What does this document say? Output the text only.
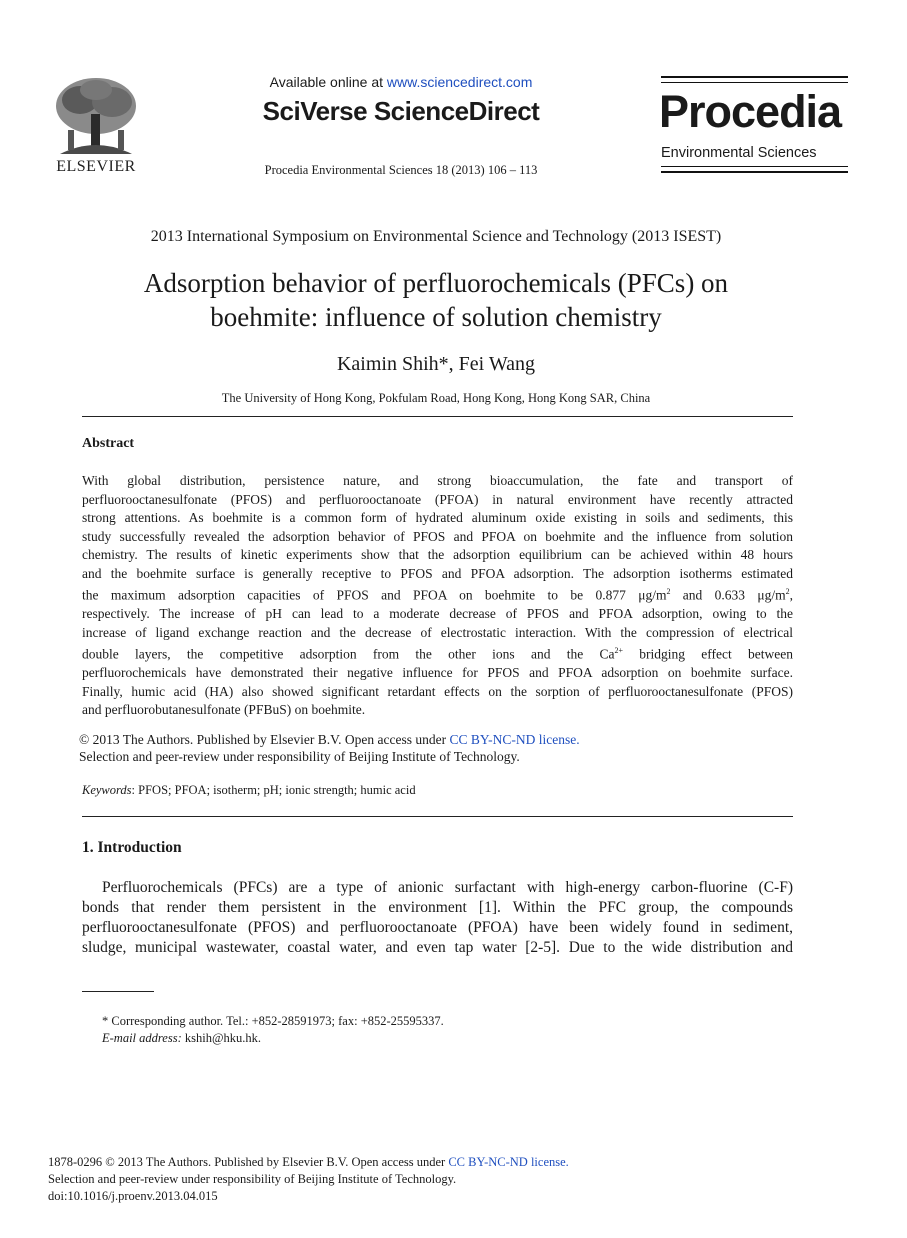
ELSEVIER
Available online at www.sciencedirect.com
SciVerse ScienceDirect
Procedia Environmental Sciences 18 (2013) 106 – 113
Procedia
Environmental Sciences
2013 International Symposium on Environmental Science and Technology (2013 ISEST)
Adsorption behavior of perfluorochemicals (PFCs) on
boehmite: influence of solution chemistry
Kaimin Shih*, Fei Wang
The University of Hong Kong, Pokfulam Road, Hong Kong, Hong Kong SAR, China
Abstract
With global distribution, persistence nature, and strong bioaccumulation, the fate and transport of
perfluorooctanesulfonate (PFOS) and perfluorooctanoate (PFOA) in natural environment have recently attracted
strong attentions. As boehmite is a common form of hydrated aluminum oxide existing in soils and sediments, this
study successfully revealed the adsorption behavior of PFOS and PFOA on boehmite and the influence from solution
chemistry. The results of kinetic experiments show that the adsorption equilibrium can be achieved within 48 hours
and the boehmite surface is generally receptive to PFOS and PFOA adsorption. The adsorption isotherms estimated
the maximum adsorption capacities of PFOS and PFOA on boehmite to be 0.877 $\mu g/m^2$ and 0.633 $\mu g/m^2$,
respectively. The increase of pH can lead to a moderate decrease of PFOS and PFOA adsorption, owing to the
increase of ligand exchange reaction and the decrease of electrostatic interaction. With the compression of electrical
double layers, the competitive adsorption from the other ions and the $Ca^{2+}$ bridging effect between
perfluorochemicals have demonstrated their negative influence for PFOS and PFOA adsorption on boehmite surface.
Finally, humic acid (HA) also showed significant retardant effects on the sorption of perfluorooctanesulfonate (PFOS)
and perfluorobutanesulfonate (PFBuS) on boehmite.
© 2013 The Authors. Published by Elsevier B.V. Open access under CC BY-NC-ND license.
Selection and peer-review under responsibility of Beijing Institute of Technology.
Keywords: PFOS; PFOA; isotherm; pH; ionic strength; humic acid
1. Introduction
Perfluorochemicals (PFCs) are a type of anionic surfactant with high-energy carbon-fluorine (C-F)
bonds that render them persistent in the environment [1]. Within the PFC group, the compounds
perfluorooctanesulfonate (PFOS) and perfluorooctanoate (PFOA) have been widely found in sediment,
sludge, municipal wastewater, coastal water, and even tap water [2-5]. Due to the wide distribution and
* Corresponding author. Tel.: +852-28591973; fax: +852-25595337.
E-mail address: kshih@hku.hk.
1878-0296 © 2013 The Authors. Published by Elsevier B.V. Open access under CC BY-NC-ND license.
Selection and peer-review under responsibility of Beijing Institute of Technology.
doi:10.1016/j.proenv.2013.04.015
